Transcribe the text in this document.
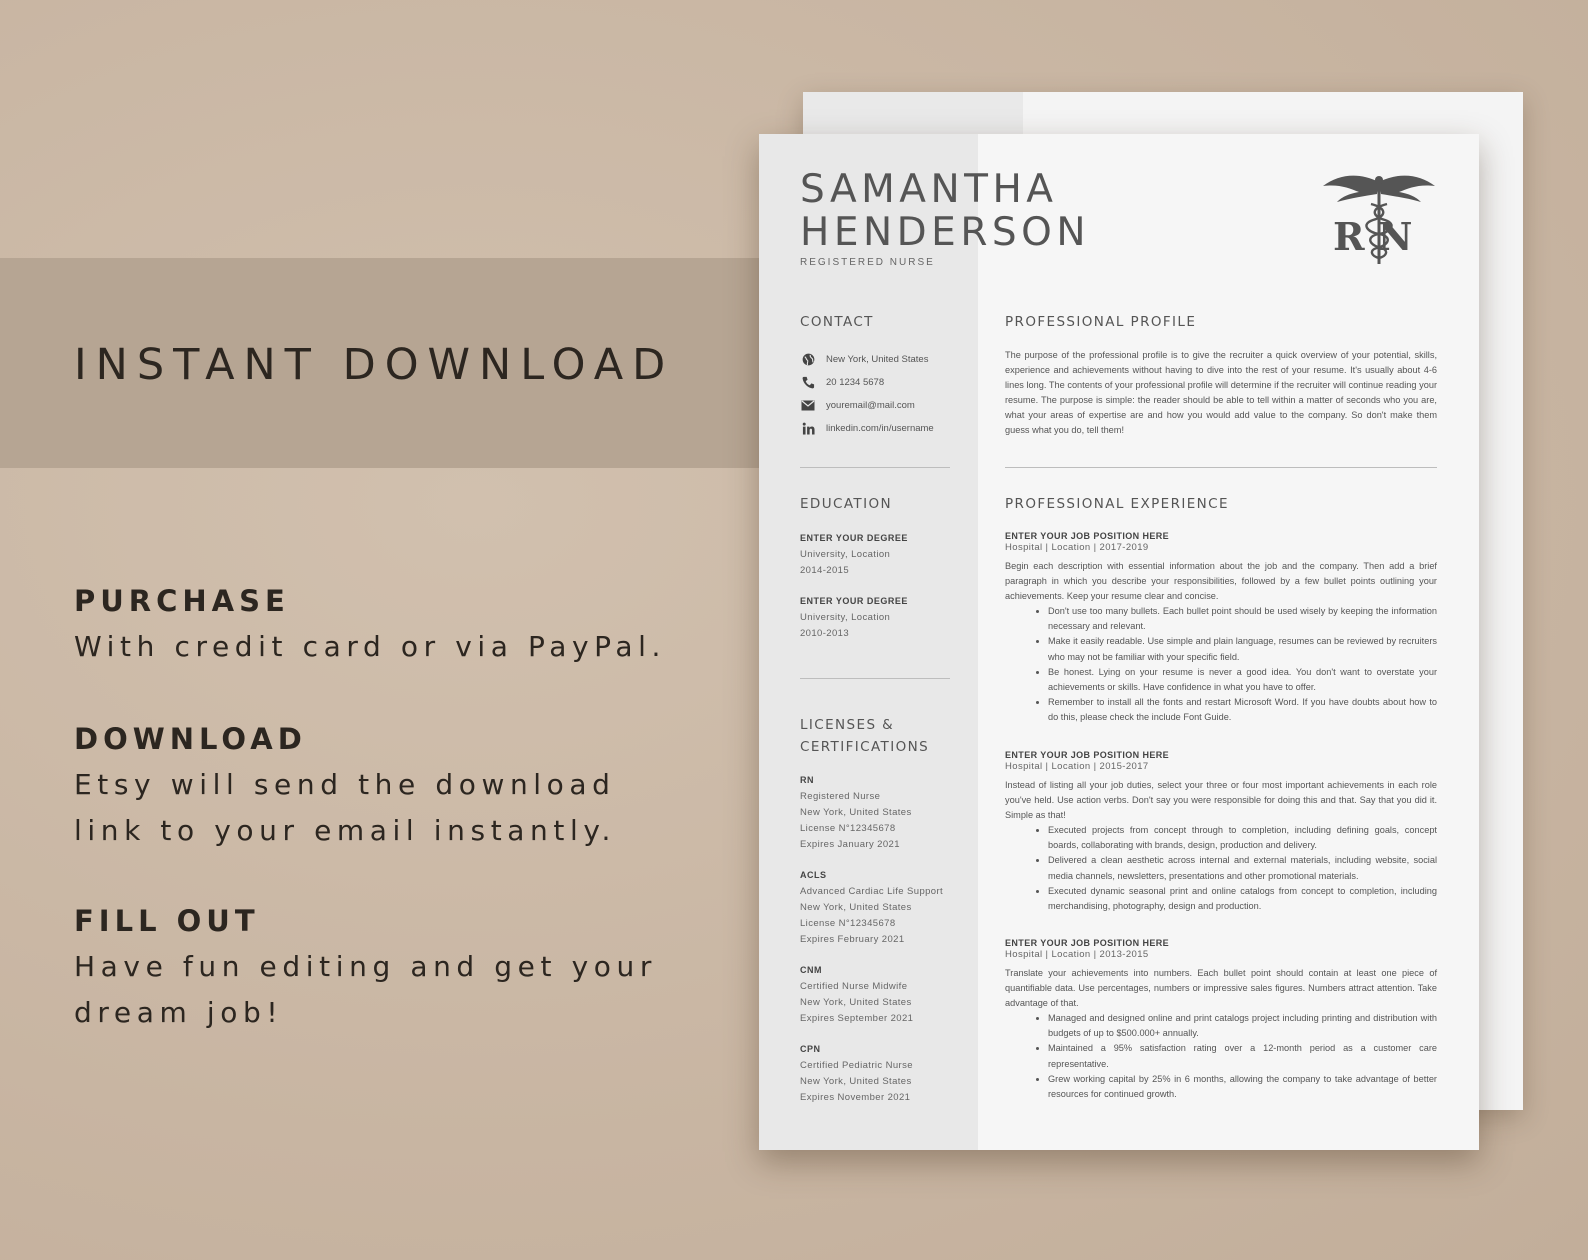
INSTANT DOWNLOAD
PURCHASE
With credit card or via PayPal.
DOWNLOAD
Etsy will send the download
link to your email instantly.
FILL OUT
Have fun editing and get your
dream job!
SAMANTHA
HENDERSON
REGISTERED NURSE
R N
CONTACT
New York, United States
20 1234 5678
youremail@mail.com
linkedin.com/in/username
EDUCATION
ENTER YOUR DEGREE
University, Location
2014-2015
ENTER YOUR DEGREE
University, Location
2010-2013
LICENSES &
CERTIFICATIONS
RN
Registered Nurse
New York, United States
License N°12345678
Expires January 2021
ACLS
Advanced Cardiac Life Support
New York, United States
License N°12345678
Expires February 2021
CNM
Certified Nurse Midwife
New York, United States
Expires September 2021
CPN
Certified Pediatric Nurse
New York, United States
Expires November 2021
PROFESSIONAL PROFILE
The purpose of the professional profile is to give the recruiter a quick overview of your potential, skills, experience and achievements without having to dive into the rest of your resume. It's usually about 4-6 lines long. The contents of your professional profile will determine if the recruiter will continue reading your resume. The purpose is simple: the reader should be able to tell within a matter of seconds who you are, what your areas of expertise are and how you would add value to the company. So don't make them guess what you do, tell them!
PROFESSIONAL EXPERIENCE
ENTER YOUR JOB POSITION HERE
Hospital | Location | 2017-2019
Begin each description with essential information about the job and the company. Then add a brief paragraph in which you describe your responsibilities, followed by a few bullet points outlining your achievements. Keep your resume clear and concise.
• Don't use too many bullets. Each bullet point should be used wisely by keeping the information necessary and relevant.
• Make it easily readable. Use simple and plain language, resumes can be reviewed by recruiters who may not be familiar with your specific field.
• Be honest. Lying on your resume is never a good idea. You don't want to overstate your achievements or skills. Have confidence in what you have to offer.
• Remember to install all the fonts and restart Microsoft Word. If you have doubts about how to do this, please check the include Font Guide.
ENTER YOUR JOB POSITION HERE
Hospital | Location | 2015-2017
Instead of listing all your job duties, select your three or four most important achievements in each role you've held. Use action verbs. Don't say you were responsible for doing this and that. Say that you did it. Simple as that!
• Executed projects from concept through to completion, including defining goals, concept boards, collaborating with brands, design, production and delivery.
• Delivered a clean aesthetic across internal and external materials, including website, social media channels, newsletters, presentations and other promotional materials.
• Executed dynamic seasonal print and online catalogs from concept to completion, including merchandising, photography, design and production.
ENTER YOUR JOB POSITION HERE
Hospital | Location | 2013-2015
Translate your achievements into numbers. Each bullet point should contain at least one piece of quantifiable data. Use percentages, numbers or impressive sales figures. Numbers attract attention. Take advantage of that.
• Managed and designed online and print catalogs project including printing and distribution with budgets of up to $500.000+ annually.
• Maintained a 95% satisfaction rating over a 12-month period as a customer care representative.
• Grew working capital by 25% in 6 months, allowing the company to take advantage of better resources for continued growth.
